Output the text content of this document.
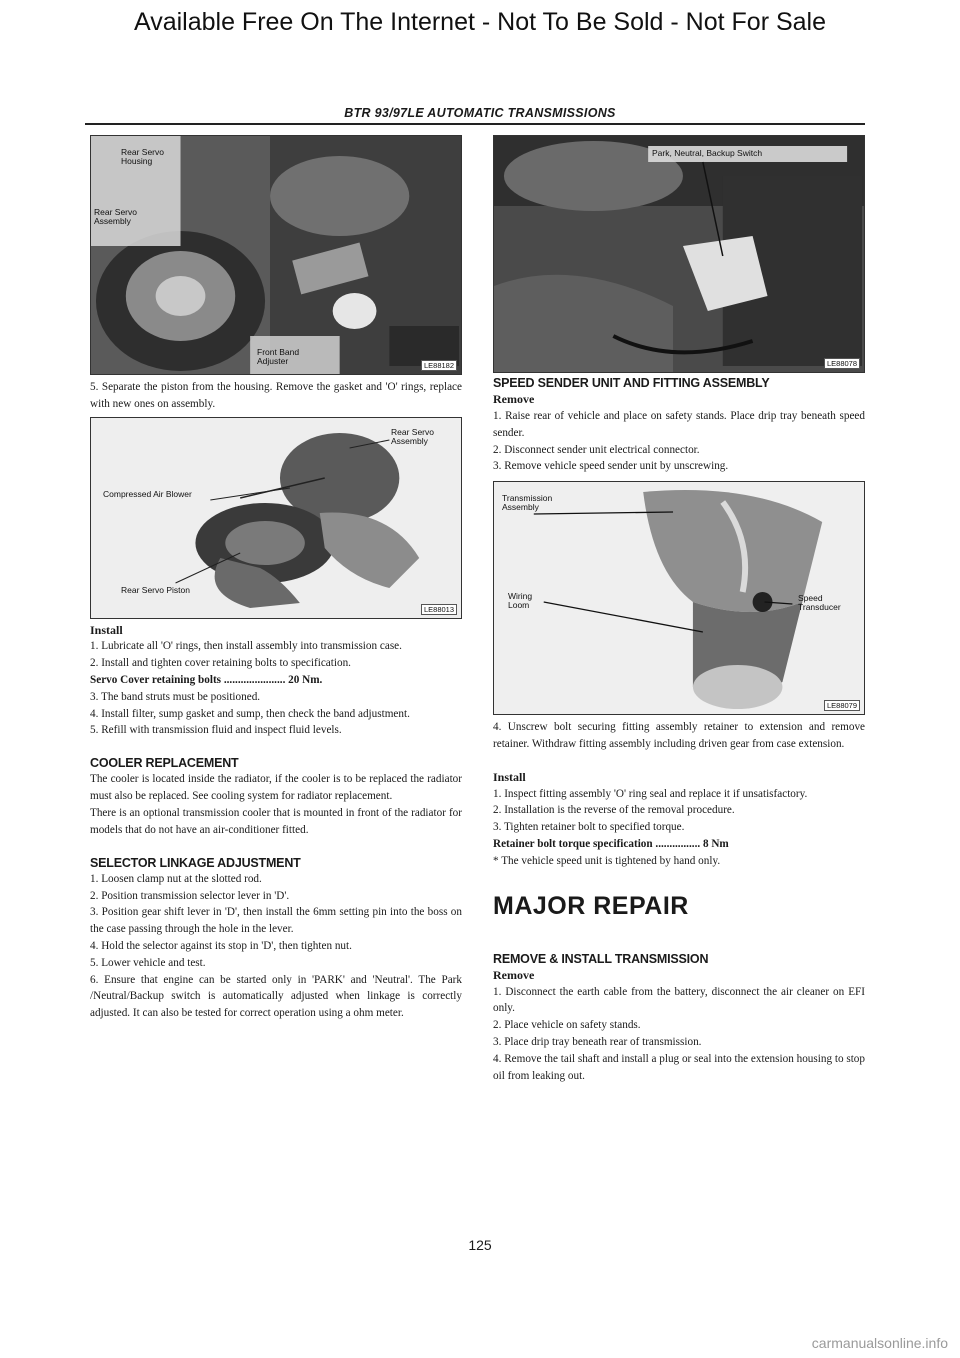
Available Free On The Internet - Not To Be Sold - Not For Sale
BTR 93/97LE AUTOMATIC TRANSMISSIONS
Rear Servo Housing
Rear Servo Assembly
Front Band Adjuster	LE88182

5. Separate the piston from the housing. Remove the gasket and 'O' rings, replace with new ones on assembly.

Rear Servo Assembly
Compressed Air Blower
Rear Servo Piston
LE88013
Install

1. Lubricate all 'O' rings, then install assembly into transmission case.

2. Install and tighten cover retaining bolts to specification.

Servo Cover retaining bolts ...................... 20 Nm.

3. The band struts must be positioned.

4. Install filter, sump gasket and sump, then check the band adjustment.

5. Refill with transmission fluid and inspect fluid levels.

COOLER REPLACEMENT

The cooler is located inside the radiator, if the cooler is to be replaced the radiator must also be replaced. See cooling system for radiator replacement.

There is an optional transmission cooler that is mounted in front of the radiator for models that do not have an air-conditioner fitted.

SELECTOR LINKAGE ADJUSTMENT

1. Loosen clamp nut at the slotted rod.

2. Position transmission selector lever in 'D'.

3. Position gear shift lever in 'D', then install the 6mm setting pin into the boss on the case passing through the hole in the lever.

4. Hold the selector against its stop in 'D', then tighten nut.

5. Lower vehicle and test.

6. Ensure that engine can be started only in 'PARK' and 'Neutral'. The Park /Neutral/Backup switch is automatically adjusted when linkage is correctly adjusted. It can also be tested for correct operation using a ohm meter.

Park, Neutral, Backup Switch
LE88078
SPEED SENDER UNIT AND FITTING ASSEMBLY
Remove

1. Raise rear of vehicle and place on safety stands. Place drip tray beneath speed sender.

2. Disconnect sender unit electrical connector.

3. Remove vehicle speed sender unit by unscrewing.

Transmission Assembly
Wiring Loom
Speed Transducer
LE88079

4. Unscrew bolt securing fitting assembly retainer to extension and remove retainer. Withdraw fitting assembly including driven gear from case extension.

Install

1. Inspect fitting assembly 'O' ring seal and replace it if unsatisfactory.

2. Installation is the reverse of the removal procedure.

3. Tighten retainer bolt to specified torque.

Retainer bolt torque specification ................ 8 Nm

* The vehicle speed unit is tightened by hand only.

MAJOR REPAIR
REMOVE & INSTALL TRANSMISSION
Remove

1. Disconnect the earth cable from the battery, disconnect the air cleaner on EFI only.

2. Place vehicle on safety stands.

3. Place drip tray beneath rear of transmission.

4. Remove the tail shaft and install a plug or seal into the extension housing to stop oil from leaking out.

125
carmanualsonline.info
